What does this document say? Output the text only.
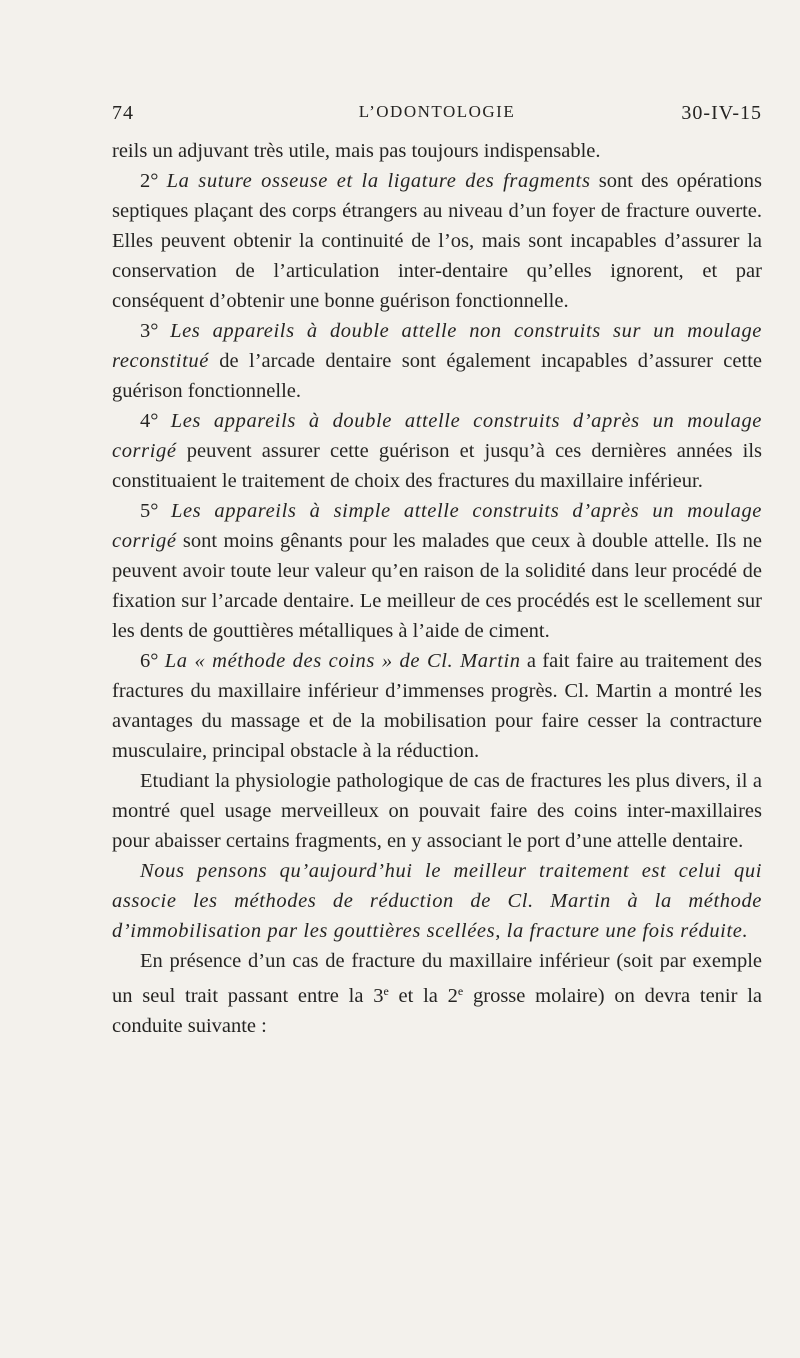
74	L’ODONTOLOGIE	30-IV-15

reils un adjuvant très utile, mais pas toujours indispensable.

2° La suture osseuse et la ligature des fragments sont des opérations septiques plaçant des corps étrangers au niveau d’un foyer de fracture ouverte. Elles peuvent obtenir la continuité de l’os, mais sont incapables d’assurer la conservation de l’articulation inter-dentaire qu’elles ignorent, et par conséquent d’obtenir une bonne guérison fonctionnelle.

3° Les appareils à double attelle non construits sur un moulage reconstitué de l’arcade dentaire sont également incapables d’assurer cette guérison fonctionnelle.

4° Les appareils à double attelle construits d’après un moulage corrigé peuvent assurer cette guérison et jusqu’à ces dernières années ils constituaient le traitement de choix des fractures du maxillaire inférieur.

5° Les appareils à simple attelle construits d’après un moulage corrigé sont moins gênants pour les malades que ceux à double attelle. Ils ne peuvent avoir toute leur valeur qu’en raison de la solidité dans leur procédé de fixation sur l’arcade dentaire. Le meilleur de ces procédés est le scellement sur les dents de gouttières métalliques à l’aide de ciment.

6° La « méthode des coins » de Cl. Martin a fait faire au traitement des fractures du maxillaire inférieur d’immenses progrès. Cl. Martin a montré les avantages du massage et de la mobilisation pour faire cesser la contracture musculaire, principal obstacle à la réduction.

Etudiant la physiologie pathologique de cas de fractures les plus divers, il a montré quel usage merveilleux on pouvait faire des coins inter-maxillaires pour abaisser certains fragments, en y associant le port d’une attelle dentaire.

Nous pensons qu’aujourd’hui le meilleur traitement est celui qui associe les méthodes de réduction de Cl. Martin à la méthode d’immobilisation par les gouttières scellées, la fracture une fois réduite.

En présence d’un cas de fracture du maxillaire inférieur (soit par exemple un seul trait passant entre la 3e et la 2e grosse molaire) on devra tenir la conduite suivante :
